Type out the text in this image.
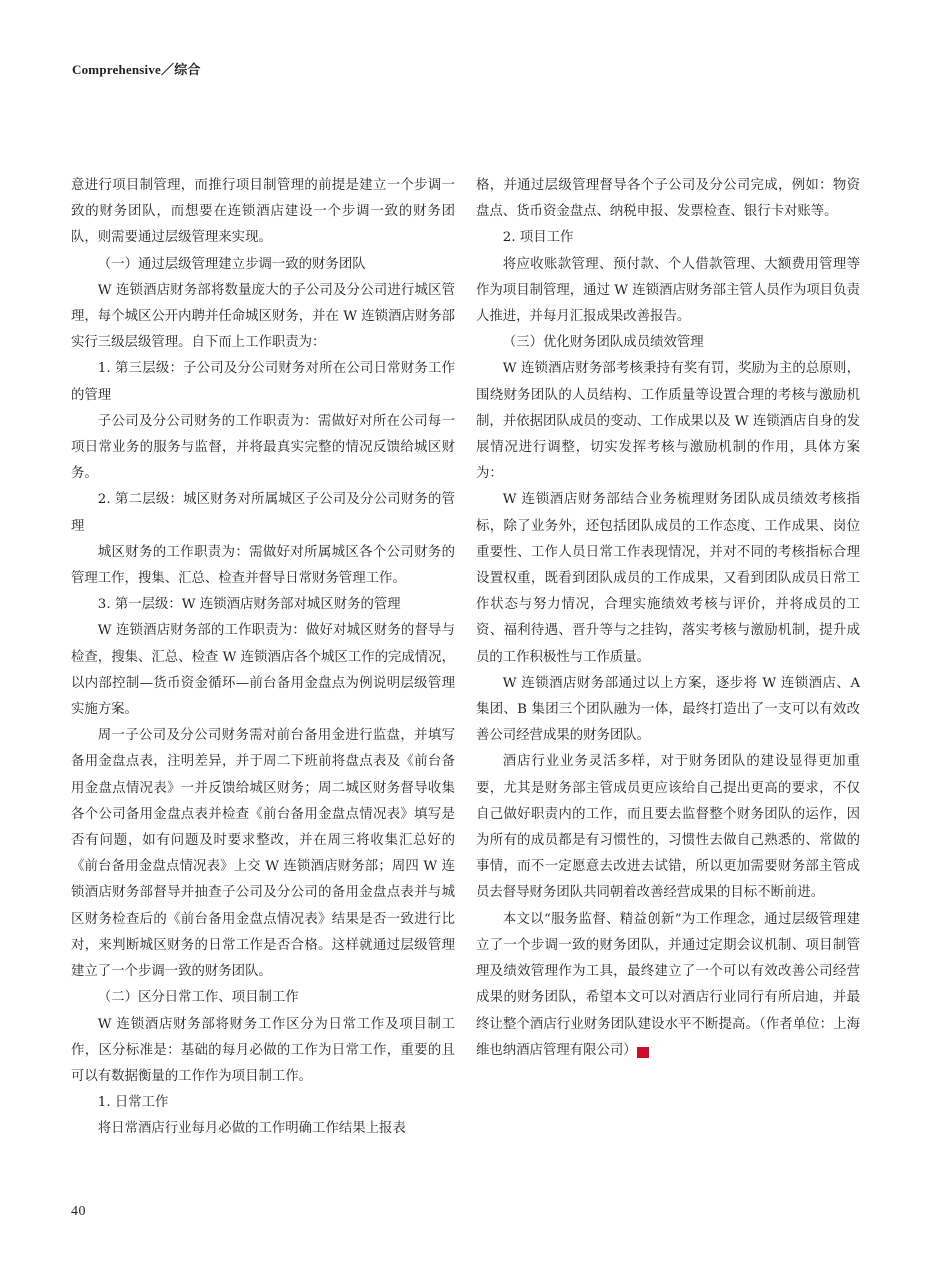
Comprehensive／综合

意进行项目制管理，而推行项目制管理的前提是建立一个步调一致的财务团队，而想要在连锁酒店建设一个步调一致的财务团队，则需要通过层级管理来实现。

（一）通过层级管理建立步调一致的财务团队

W 连锁酒店财务部将数量庞大的子公司及分公司进行城区管理，每个城区公开内聘并任命城区财务，并在 W 连锁酒店财务部实行三级层级管理。自下而上工作职责为：

1. 第三层级：子公司及分公司财务对所在公司日常财务工作的管理

子公司及分公司财务的工作职责为：需做好对所在公司每一项日常业务的服务与监督，并将最真实完整的情况反馈给城区财务。

2. 第二层级：城区财务对所属城区子公司及分公司财务的管理

城区财务的工作职责为：需做好对所属城区各个公司财务的管理工作，搜集、汇总、检查并督导日常财务管理工作。

3. 第一层级：W 连锁酒店财务部对城区财务的管理

W 连锁酒店财务部的工作职责为：做好对城区财务的督导与检查，搜集、汇总、检查 W 连锁酒店各个城区工作的完成情况，以内部控制—货币资金循环—前台备用金盘点为例说明层级管理实施方案。

周一子公司及分公司财务需对前台备用金进行监盘，并填写备用金盘点表，注明差异，并于周二下班前将盘点表及《前台备用金盘点情况表》一并反馈给城区财务；周二城区财务督导收集各个公司备用金盘点表并检查《前台备用金盘点情况表》填写是否有问题，如有问题及时要求整改，并在周三将收集汇总好的《前台备用金盘点情况表》上交 W 连锁酒店财务部；周四 W 连锁酒店财务部督导并抽查子公司及分公司的备用金盘点表并与城区财务检查后的《前台备用金盘点情况表》结果是否一致进行比对，来判断城区财务的日常工作是否合格。这样就通过层级管理建立了一个步调一致的财务团队。

（二）区分日常工作、项目制工作

W 连锁酒店财务部将财务工作区分为日常工作及项目制工作，区分标准是：基础的每月必做的工作为日常工作，重要的且可以有数据衡量的工作作为项目制工作。

1. 日常工作

将日常酒店行业每月必做的工作明确工作结果上报表

格，并通过层级管理督导各个子公司及分公司完成，例如：物资盘点、货币资金盘点、纳税申报、发票检查、银行卡对账等。

2. 项目工作

将应收账款管理、预付款、个人借款管理、大额费用管理等作为项目制管理，通过 W 连锁酒店财务部主管人员作为项目负责人推进，并每月汇报成果改善报告。

（三）优化财务团队成员绩效管理

W 连锁酒店财务部考核秉持有奖有罚，奖励为主的总原则，围绕财务团队的人员结构、工作质量等设置合理的考核与激励机制，并依据团队成员的变动、工作成果以及 W 连锁酒店自身的发展情况进行调整，切实发挥考核与激励机制的作用，具体方案为：

W 连锁酒店财务部结合业务梳理财务团队成员绩效考核指标，除了业务外，还包括团队成员的工作态度、工作成果、岗位重要性、工作人员日常工作表现情况，并对不同的考核指标合理设置权重，既看到团队成员的工作成果，又看到团队成员日常工作状态与努力情况，合理实施绩效考核与评价，并将成员的工资、福利待遇、晋升等与之挂钩，落实考核与激励机制，提升成员的工作积极性与工作质量。

W 连锁酒店财务部通过以上方案，逐步将 W 连锁酒店、A 集团、B 集团三个团队融为一体，最终打造出了一支可以有效改善公司经营成果的财务团队。

酒店行业业务灵活多样，对于财务团队的建设显得更加重要，尤其是财务部主管成员更应该给自己提出更高的要求，不仅自己做好职责内的工作，而且要去监督整个财务团队的运作，因为所有的成员都是有习惯性的，习惯性去做自己熟悉的、常做的事情，而不一定愿意去改进去试错，所以更加需要财务部主管成员去督导财务团队共同朝着改善经营成果的目标不断前进。

本文以“服务监督、精益创新”为工作理念，通过层级管理建立了一个步调一致的财务团队，并通过定期会议机制、项目制管理及绩效管理作为工具，最终建立了一个可以有效改善公司经营成果的财务团队，希望本文可以对酒店行业同行有所启迪，并最终让整个酒店行业财务团队建设水平不断提高。（作者单位：上海维也纳酒店管理有限公司）	m

40
